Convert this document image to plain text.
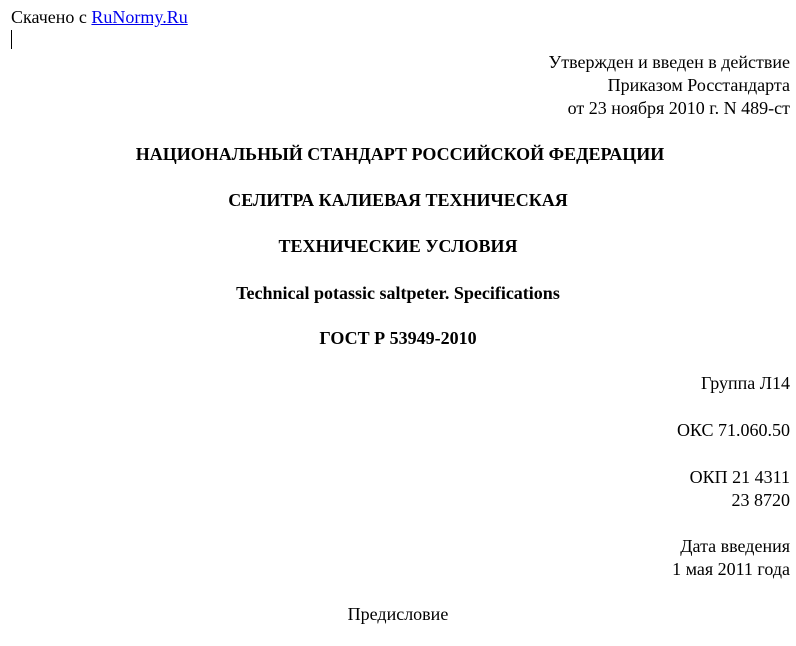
Скачено с RuNormy.Ru
Утвержден и введен в действие
Приказом Росстандарта
от 23 ноября 2010 г. N 489-ст
НАЦИОНАЛЬНЫЙ СТАНДАРТ РОССИЙСКОЙ ФЕДЕРАЦИИ
СЕЛИТРА КАЛИЕВАЯ ТЕХНИЧЕСКАЯ
ТЕХНИЧЕСКИЕ УСЛОВИЯ
Technical potassic saltpeter. Specifications
ГОСТ Р 53949-2010
Группа Л14
ОКС 71.060.50
ОКП 21 4311
23 8720
Дата введения
1 мая 2011 года
Предисловие
